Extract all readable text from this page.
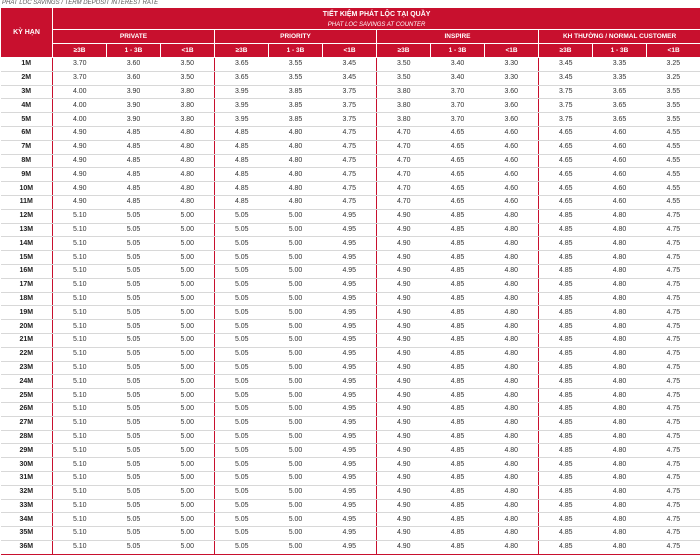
PHAT LOC SAVINGS / TERM DEPOSIT INTEREST RATE
KỲ HẠN	TIẾT KIỆM PHÁT LỘC TẠI QUẦY
PHAT LOC SAVINGS AT COUNTER											

	PRIVATE			PRIORITY			INSPIRE			KH THƯỜNG / NORMAL CUSTOMER		
	≥3B	1 - 3B	<1B	≥3B	1 - 3B	<1B	≥3B	1 - 3B	<1B	≥3B	1 - 3B	<1B
1M	3.70	3.60	3.50	3.65	3.55	3.45	3.50	3.40	3.30	3.45	3.35	3.25
2M	3.70	3.60	3.50	3.65	3.55	3.45	3.50	3.40	3.30	3.45	3.35	3.25
3M	4.00	3.90	3.80	3.95	3.85	3.75	3.80	3.70	3.60	3.75	3.65	3.55
4M	4.00	3.90	3.80	3.95	3.85	3.75	3.80	3.70	3.60	3.75	3.65	3.55
5M	4.00	3.90	3.80	3.95	3.85	3.75	3.80	3.70	3.60	3.75	3.65	3.55
6M	4.90	4.85	4.80	4.85	4.80	4.75	4.70	4.65	4.60	4.65	4.60	4.55
7M	4.90	4.85	4.80	4.85	4.80	4.75	4.70	4.65	4.60	4.65	4.60	4.55
8M	4.90	4.85	4.80	4.85	4.80	4.75	4.70	4.65	4.60	4.65	4.60	4.55
9M	4.90	4.85	4.80	4.85	4.80	4.75	4.70	4.65	4.60	4.65	4.60	4.55
10M	4.90	4.85	4.80	4.85	4.80	4.75	4.70	4.65	4.60	4.65	4.60	4.55
11M	4.90	4.85	4.80	4.85	4.80	4.75	4.70	4.65	4.60	4.65	4.60	4.55
12M	5.10	5.05	5.00	5.05	5.00	4.95	4.90	4.85	4.80	4.85	4.80	4.75
13M	5.10	5.05	5.00	5.05	5.00	4.95	4.90	4.85	4.80	4.85	4.80	4.75
14M	5.10	5.05	5.00	5.05	5.00	4.95	4.90	4.85	4.80	4.85	4.80	4.75
15M	5.10	5.05	5.00	5.05	5.00	4.95	4.90	4.85	4.80	4.85	4.80	4.75
16M	5.10	5.05	5.00	5.05	5.00	4.95	4.90	4.85	4.80	4.85	4.80	4.75
17M	5.10	5.05	5.00	5.05	5.00	4.95	4.90	4.85	4.80	4.85	4.80	4.75
18M	5.10	5.05	5.00	5.05	5.00	4.95	4.90	4.85	4.80	4.85	4.80	4.75
19M	5.10	5.05	5.00	5.05	5.00	4.95	4.90	4.85	4.80	4.85	4.80	4.75
20M	5.10	5.05	5.00	5.05	5.00	4.95	4.90	4.85	4.80	4.85	4.80	4.75
21M	5.10	5.05	5.00	5.05	5.00	4.95	4.90	4.85	4.80	4.85	4.80	4.75
22M	5.10	5.05	5.00	5.05	5.00	4.95	4.90	4.85	4.80	4.85	4.80	4.75
23M	5.10	5.05	5.00	5.05	5.00	4.95	4.90	4.85	4.80	4.85	4.80	4.75
24M	5.10	5.05	5.00	5.05	5.00	4.95	4.90	4.85	4.80	4.85	4.80	4.75
25M	5.10	5.05	5.00	5.05	5.00	4.95	4.90	4.85	4.80	4.85	4.80	4.75
26M	5.10	5.05	5.00	5.05	5.00	4.95	4.90	4.85	4.80	4.85	4.80	4.75
27M	5.10	5.05	5.00	5.05	5.00	4.95	4.90	4.85	4.80	4.85	4.80	4.75
28M	5.10	5.05	5.00	5.05	5.00	4.95	4.90	4.85	4.80	4.85	4.80	4.75
29M	5.10	5.05	5.00	5.05	5.00	4.95	4.90	4.85	4.80	4.85	4.80	4.75
30M	5.10	5.05	5.00	5.05	5.00	4.95	4.90	4.85	4.80	4.85	4.80	4.75
31M	5.10	5.05	5.00	5.05	5.00	4.95	4.90	4.85	4.80	4.85	4.80	4.75
32M	5.10	5.05	5.00	5.05	5.00	4.95	4.90	4.85	4.80	4.85	4.80	4.75
33M	5.10	5.05	5.00	5.05	5.00	4.95	4.90	4.85	4.80	4.85	4.80	4.75
34M	5.10	5.05	5.00	5.05	5.00	4.95	4.90	4.85	4.80	4.85	4.80	4.75
35M	5.10	5.05	5.00	5.05	5.00	4.95	4.90	4.85	4.80	4.85	4.80	4.75
36M	5.10	5.05	5.00	5.05	5.00	4.95	4.90	4.85	4.80	4.85	4.80	4.75
